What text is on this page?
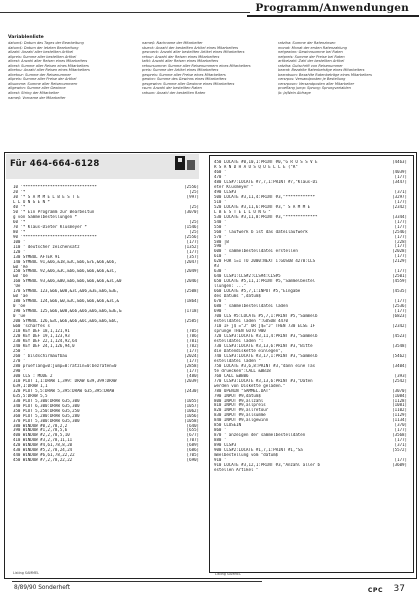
Programm/Anwendungen
Variablenliste
datum$: Datum des Tages der Bearbeitung
datum$: Datum der letzten Bearbeitung
allzahl: Anzahl aller bestellten Artikel
allpreis: Summe aller bestellten Artikel
allrest: Anzahl aller Reisen eines Mitarbeiters
allrest: Summe aller Reisen eines Mitarbeiters
allretou: Anzahl aller Reisen eines Mitarbeiters
allretour: Summe der Reisenummer
allpreis: Summe aller Preise der Artikel
allsumme: Summe aller Reisenummern
allgewinn: Summe aller Gewinne
allrest: String der Mitarbeiter
name$: Vorname der Mitarbeiter
name$: Nachname der Mitarbeiter
stueck: Anzahl der bestellten Artikel eines Mitarbeiters
gesrueck: Anzahl aller bestellten Artikel eines Mitarbeiters
retour: Anzahl der Reisen eines Mitarbeiters
tatkl: Anzahl aller Reisen eines Mitarbeiters
retoursumme: Summe aller Reisenummern eines Mitarbeiters
preis: Summe der Artikel eines Mitarbeiters
gespreis: Summe aller Preise eines Mitarbeiters
gewinn: Summe des Gewinns eines Mitarbeiters
gesgewinn: Summe aller Gewinne eines Mitarbeiters
rsum: Anzahl der bestellten Raten
ratsum: Anzahl der bestellten Raten
ratziha: Summe der Ratenzinsen
monat: Monat der ersten Ratenzahlung
netgewinn: Gewinnsumme bei Raten
netpreis: Summe der Preise bei Raten
artikelzahl: Zahl der bestellten Artikel
ratziha: Gutschrift von Reisenummer
bezrat: Bezahlte Ratenbeträge eines Mitarbeiters
bezratsum: Bezahlte Ratenbeträge eines Mitarbeiters
versrpos: Versandposten je Bestellung
versrposm: Versandposten aller Mitarbeiter
prueflang jump: Sprung; Sprungvariablen
jb: Ja/Nein Abfrage
Für 464-664-6128
10 '******************************	[2556]
20 '*	[25]
30 '* S A M M E L B E S T E	[997]
L L U N G E N *
40 '*	[25]
50 '* Ein Programm zur Bearbeitun	[3070]
g von Sammelbestellungen *
60 '*	[25]
70 '* Klaus-Dieter Klusmeyer *	[1546]
80 '*	[25]
90 '******************************	[2556]
100 '	[177]
110 ' deutscher zeichensatz	[1352]
120 '	[177]
130 SYMBOL AFTER 91	[357]
140 SYMBOL 91,&66,&18,&3C,&66,&7E,&66,&66,	[2047]
&0 'Ae
150 SYMBOL 92,&66,&3C,&66,&66,&66,&66,&3C,	[2049]
&0 'Oe
160 SYMBOL 93,&66,&00,&66,&66,&66,&66,&3C,&0	[2046]
'Ue
170 SYMBOL 123,&66,&00,&3C,&06,&3E,&66,&3E,	[2508]
&0 'ae
180 SYMBOL 124,&66,&0,&3C,&66,&66,&66,&3C,&	[1864]
0 'oe
190 SYMBOL 125,&66,&00,&66,&66,&66,&66,&3E,&	[1718]
0 'ue
200 SYMBOL 126,&3C,&66,&66,&6C,&66,&66,&6C,	[2585]
&60 'scharfes s
210 KEY DEF 18,1,121,91	[705]
220 KEY DEF 19,1,123,93	[786]
230 KEY DEF 22,1,124,92,64	[781]
240 KEY DEF 24,1,126,94,0	[782]
250 '	[177]
260 ' bildschirmaufbau	[2024]
270 '	[177]
280 prueflang=0:jump=0:ratzin=0:bezraten=0	[2858]
290 '	[177]
300 CLS : MODE 2	[480]
310 PLOT 1,1:DRAW 1,399: DRAW 639,399:DRAW	[2039]
639,1:DRAW 1,1
320 PLOT 5,5:DRAW 5,395:DRAW 635,395:DRAW	[2430]
635,5:DRAW 5,5
330 PLOT 5,300:DRAW 635,300	[1055]
340 PLOT 6,300:DRAW 635,300	[1057]
350 PLOT 5,250:DRAW 635,250	[1062]
360 PLOT 5,280:DRAW 635,280	[1056]
370 PLOT 5,300:DRAW 635,300	[1058]
380 WINDOW #0,2,78,2,2	[640]
390 WINDOW #1,2,78,5,6	[655]
400 WINDOW #2,2,78,5,10	[677]
410 WINDOW #3,2,78,11,11	[707]
420 WINDOW #4,61,78,8,20	[689]
430 WINDOW #5,2,78,24,24	[686]
440 WINDOW #6,61,78,22,22	[705]
450 WINDOW #7,2,78,22,22	[690]
450 LOCATE #0,10,1:PRINT #0,"G R O S S V E	[4463]
R S A N D H A U S Q U E L L E ("R"
460 '	[4039]
470 '	[177]
480 CLS#7:LOCATE #7,7,1:PRINT #7,"Klaus-Di	[3447]
eter Klusmeyer "
490 CLS#3	[371]
500 LOCATE #3,11,4:PRINT #3,"************	[3297]
510 '	[177]
520 LOCATE #3,11,6:PRINT #3," S A M M E	[2342]
L B E S T E L L U N G "
530 LOCATE #3,11,8:PRINT #3,"*************	[3344]
540 '	[177]
550 '	[177]
560 ' laufwerk b ist das dateilaufwerk	[2546]
570 '	[177]
580 |B	[228]
590 '	[177]
600 ' sammelbestelldatei erstellen	[2028]
610 '	[177]
620 FOR i=1 TO 2000:NEXT i:GOSUB 4270:CLS	[2129]
#3
630 '	[177]
640 CLS#1:CLS#2:CLS#4:CLS#5	[2501]
650 LOCATE #5,11,1:PRINT #5,"Sammelbestel	[4559]
llungen: ..."
660 LOCATE #5,7,1:INPUT #5,"Eingabe	[4535]
des Datums ",datum$
670 '	[177]
680 ' sammelbestelldatei laden	[2536]
690 '	[177]
700 CLS #5:LOCATE #5,7,1:PRINT #5,"Sammelb	[6823]
estelldatei laden ":GOSUB 4470
710 IF j$ ="J" OR j$="J" THEN 730 ELSE IF	[2342]
sprunge THEN GOTO 900
720 CLS#3:LOCATE #3,11,4:PRINT #3,"Sammelb	[4523]
estelldatei laden ":
730 CLS#3:LOCATE #3,13,6:PRINT #3,"Bitte	[3548]
die Datendiskette einlegen",
740 CLS#3:LOCATE #3,17,1:PRINT #3,"Sammelb	[5462]
estelldatei laden "
750 LOCATE #3,6,8:PRINT #3,"dann eine Tas	[3404]
te druecken":CALL &BB18
760 CALL &BB06	[393]
770 CLS#3:LOCATE #3,13,6:PRINT #3,"Daten	[2542]
werden von Diskette geladen."
780 OPENIN "SAMMEL.DAT"	[3070]
790 INPUT #9,datum$	[1084]
800 INPUT #9,allzahl	[1128]
810 INPUT #9,allpreis	[1081]
820 INPUT #9,allretour	[1102]
830 INPUT #9,allsumme	[1129]
840 INPUT #9,allgewinn	[1134]
850 CLOSEIN	[370]
860 '	[177]
870 ' anzeigen der sammelbestelldaten	[3568]
880 '	[177]
890 CLS#3	[371]
900 CLS#2:LOCATE #1,7,1:PRINT #1,"Sa	[5572]
mmelbestellung vom "datum$
910 '	[177]
910 LOCATE #3,12,1:PRINT #3,"Anzahl aller b	[3609]
estellen Artikel "
Listing SAMMEL	Listing SAMMEL
8/89/90 Sonderheft	CPC 37
